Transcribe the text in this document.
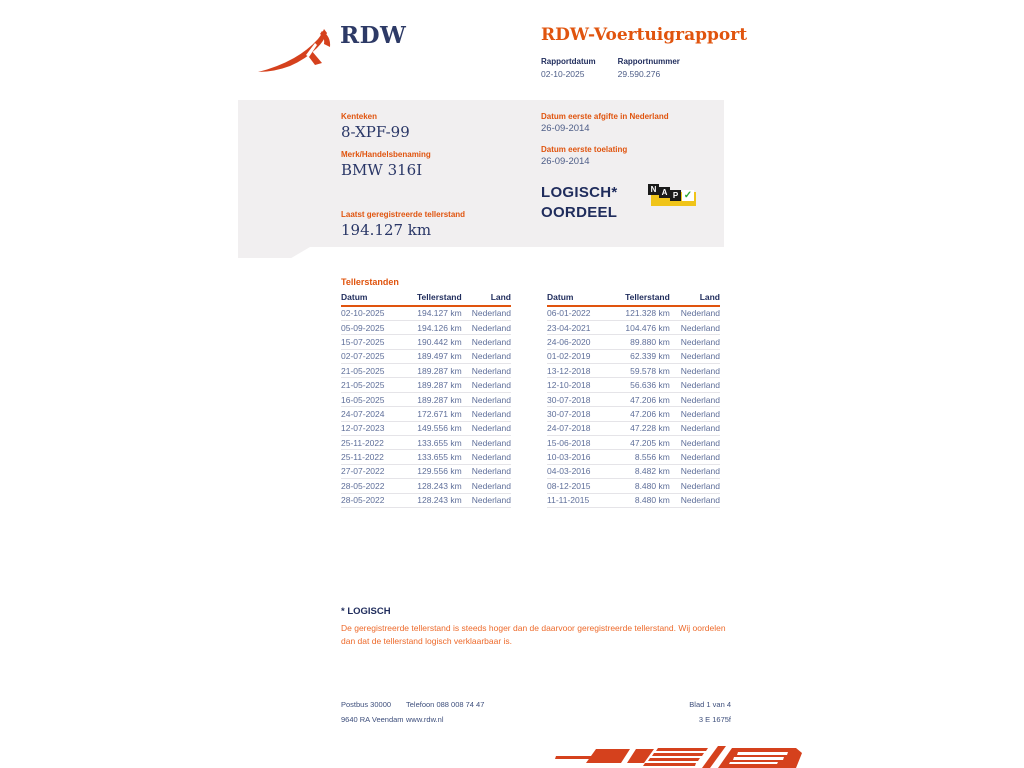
RDW	RDW-Voertuigrapport
Rapportdatum
02-10-2025
Rapportnummer
29.590.276
Kenteken
8-XPF-99
Merk/Handelsbenaming
BMW 316I
Laatst geregistreerde tellerstand
194.127 km
Datum eerste afgifte in Nederland
26-09-2014
Datum eerste toelating
26-09-2014
LOGISCH*
OORDEEL
N A P ✓
Tellerstanden
Datum	Tellerstand	Land
02-10-2025	194.127 km	Nederland
05-09-2025	194.126 km	Nederland
15-07-2025	190.442 km	Nederland
02-07-2025	189.497 km	Nederland
21-05-2025	189.287 km	Nederland
21-05-2025	189.287 km	Nederland
16-05-2025	189.287 km	Nederland
24-07-2024	172.671 km	Nederland
12-07-2023	149.556 km	Nederland
25-11-2022	133.655 km	Nederland
25-11-2022	133.655 km	Nederland
27-07-2022	129.556 km	Nederland
28-05-2022	128.243 km	Nederland
28-05-2022	128.243 km	Nederland
Datum	Tellerstand	Land
06-01-2022	121.328 km	Nederland
23-04-2021	104.476 km	Nederland
24-06-2020	89.880 km	Nederland
01-02-2019	62.339 km	Nederland
13-12-2018	59.578 km	Nederland
12-10-2018	56.636 km	Nederland
30-07-2018	47.206 km	Nederland
30-07-2018	47.206 km	Nederland
24-07-2018	47.228 km	Nederland
15-06-2018	47.205 km	Nederland
10-03-2016	8.556 km	Nederland
04-03-2016	8.482 km	Nederland
08-12-2015	8.480 km	Nederland
11-11-2015	8.480 km	Nederland
* LOGISCH
De geregistreerde tellerstand is steeds hoger dan de daarvoor geregistreerde tellerstand. Wij oordelen dan dat de tellerstand logisch verklaarbaar is.
Postbus 30000
9640 RA Veendam
Telefoon 088 008 74 47
www.rdw.nl
Blad 1 van 4
3 E 1675f
